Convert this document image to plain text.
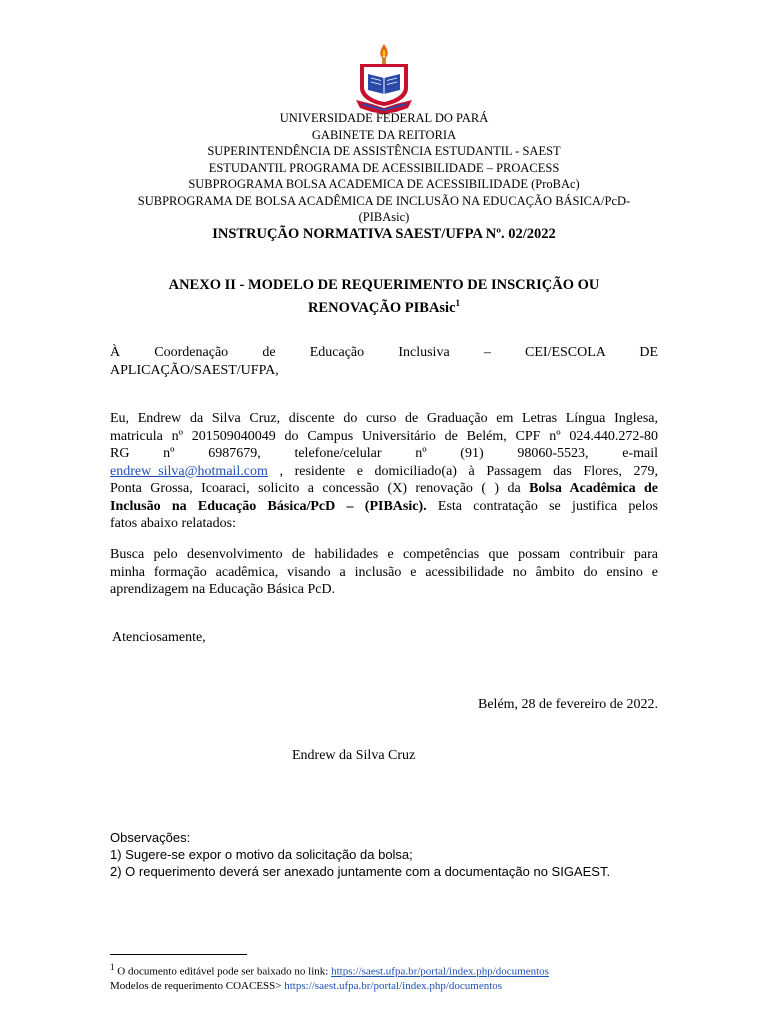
UNIVERSIDADE FEDERAL DO PARÁ
GABINETE DA REITORIA
SUPERINTENDÊNCIA DE ASSISTÊNCIA ESTUDANTIL - SAEST
ESTUDANTIL PROGRAMA DE ACESSIBILIDADE – PROACESS
SUBPROGRAMA BOLSA ACADEMICA DE ACESSIBILIDADE (ProBAc)
SUBPROGRAMA DE BOLSA ACADÊMICA DE INCLUSÃO NA EDUCAÇÃO BÁSICA/PcD-
(PIBAsic)
INSTRUÇÃO NORMATIVA SAEST/UFPA Nº. 02/2022
ANEXO II - MODELO DE REQUERIMENTO DE INSCRIÇÃO OU
RENOVAÇÃO PIBAsic$^1$
À Coordenação de Educação Inclusiva – CEI/ESCOLA DE
APLICAÇÃO/SAEST/UFPA,
Eu, Endrew da Silva Cruz, discente do curso de Graduação em Letras Língua Inglesa,
matricula nº 201509040049 do Campus Universitário de Belém, CPF nº 024.440.272-80
RG nº 6987679, telefone/celular nº (91) 98060-5523, e-mail
endrew_silva@hotmail.com , residente e domiciliado(a) à Passagem das Flores, 279,
Ponta Grossa, Icoaraci, solicito a concessão (X) renovação ( ) da Bolsa Acadêmica de
Inclusão na Educação Básica/PcD – (PIBAsic). Esta contratação se justifica pelos
fatos abaixo relatados:
Busca pelo desenvolvimento de habilidades e competências que possam contribuir para
minha formação acadêmica, visando a inclusão e acessibilidade no âmbito do ensino e
aprendizagem na Educação Básica PcD.
Atenciosamente,
Belém, 28 de fevereiro de 2022.
Endrew da Silva Cruz
Observações:
1) Sugere-se expor o motivo da solicitação da bolsa;
2) O requerimento deverá ser anexado juntamente com a documentação no SIGAEST.
$^1$ O documento editável pode ser baixado no link: https://saest.ufpa.br/portal/index.php/documentos
Modelos de requerimento COACESS> https://saest.ufpa.br/portal/index.php/documentos
